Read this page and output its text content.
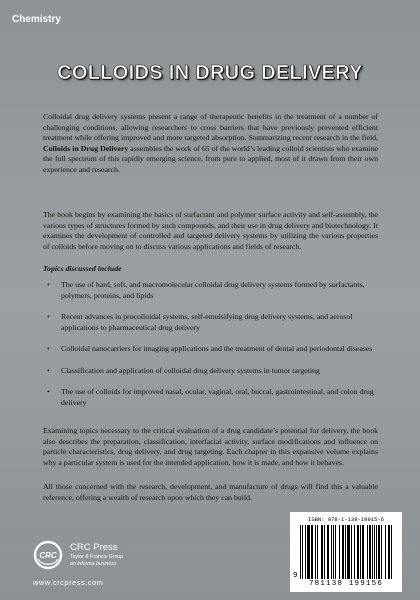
Chemistry
COLLOIDS IN DRUG DELIVERY

Colloidal drug delivery systems present a range of therapeutic benefits in the treatment of a number of challenging conditions, allowing researchers to cross barriers that have previously prevented efficient treatment while offering improved and more targeted absorption. Summarizing recent research in the field, Colloids in Drug Delivery assembles the work of 65 of the world’s leading colloid scientists who examine the full spectrum of this rapidly emerging science, from pure to applied, most of it drawn from their own experience and research.

The book begins by examining the basics of surfactant and polymer surface activity and self-assembly, the various types of structures formed by such compounds, and their use in drug delivery and biotechnology. It examines the development of controlled and targeted delivery systems by utilizing the various properties of colloids before moving on to discuss various applications and fields of research.

Topics discussed include
• The use of hard, soft, and macromolecular colloidal drug delivery systems formed by surfactants, polymers, proteins, and lipids
• Recent advances in procolloidal systems, self-emulsifying drug delivery systems, and aerosol applications to pharmaceutical drug delivery
• Colloidal nanocarriers for imaging applications and the treatment of dental and periodontal diseases
• Classification and application of colloidal drug delivery systems in tumor targeting
• The use of colloids for improved nasal, ocular, vaginal, oral, buccal, gastrointestinal, and colon drug delivery

Examining topics necessary to the critical evaluation of a drug candidate’s potential for delivery, the book also describes the preparation, classification, interfacial activity, surface modifications and influence on particle characteristics, drug delivery, and drug targeting. Each chapter in this expansive volume explains why a particular system is used for the intended application, how it is made, and how it behaves.

All those concerned with the research, development, and manufacture of drugs will find this a valuable reference, offering a wealth of research upon which they can build.

CRC
CRC Press
Taylor & Francis Group
an informa business
www.crcpress.com
ISBN: 978-1-138-19915-6
9
781138 199156
